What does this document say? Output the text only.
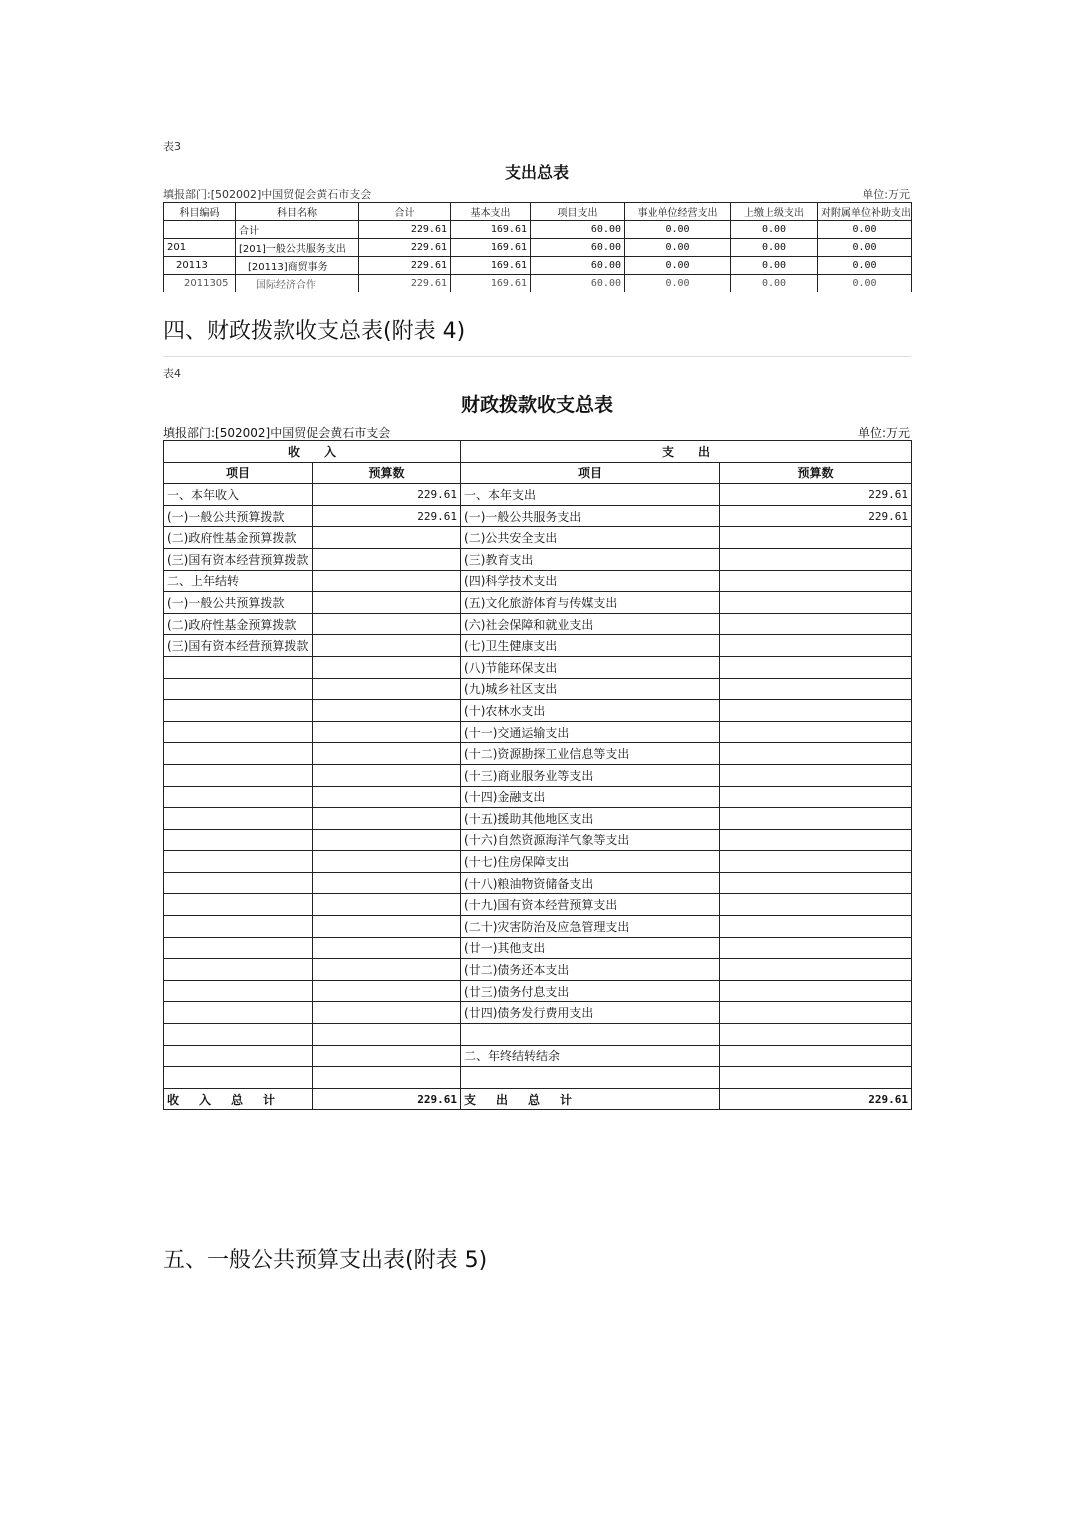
表3
支出总表
填报部门:[502002]中国贸促会黄石市支会	单位:万元
科目编码	科目名称	合计	基本支出	项目支出	事业单位经营支出	上缴上级支出	对附属单位补助支出
	合计	229.61	169.61	60.00	0.00	0.00	0.00
201	[201]一般公共服务支出	229.61	169.61	60.00	0.00	0.00	0.00
20113	[20113]商贸事务	229.61	169.61	60.00	0.00	0.00	0.00
2011305	国际经济合作	229.61	169.61	60.00	0.00	0.00	0.00
四、财政拨款收支总表(附表 4)
表4
财政拨款收支总表
填报部门:[502002]中国贸促会黄石市支会	单位:万元
收　　入		支　　出	
项目	预算数	项目	预算数
一、本年收入	229.61	一、本年支出	229.61
(一)一般公共预算拨款	229.61	(一)一般公共服务支出	229.61
(二)政府性基金预算拨款		(二)公共安全支出	
(三)国有资本经营预算拨款		(三)教育支出	
二、上年结转		(四)科学技术支出	
(一)一般公共预算拨款		(五)文化旅游体育与传媒支出	
(二)政府性基金预算拨款		(六)社会保障和就业支出	
(三)国有资本经营预算拨款		(七)卫生健康支出	
		(八)节能环保支出	
		(九)城乡社区支出	
		(十)农林水支出	
		(十一)交通运输支出	
		(十二)资源勘探工业信息等支出	
		(十三)商业服务业等支出	
		(十四)金融支出	
		(十五)援助其他地区支出	
		(十六)自然资源海洋气象等支出	
		(十七)住房保障支出	
		(十八)粮油物资储备支出	
		(十九)国有资本经营预算支出	
		(二十)灾害防治及应急管理支出	
		(廿一)其他支出	
		(廿二)债务还本支出	
		(廿三)债务付息支出	
		(廿四)债务发行费用支出	

		二、年终结转结余	

收入总计	229.61	支出总计	229.61
五、一般公共预算支出表(附表 5)
